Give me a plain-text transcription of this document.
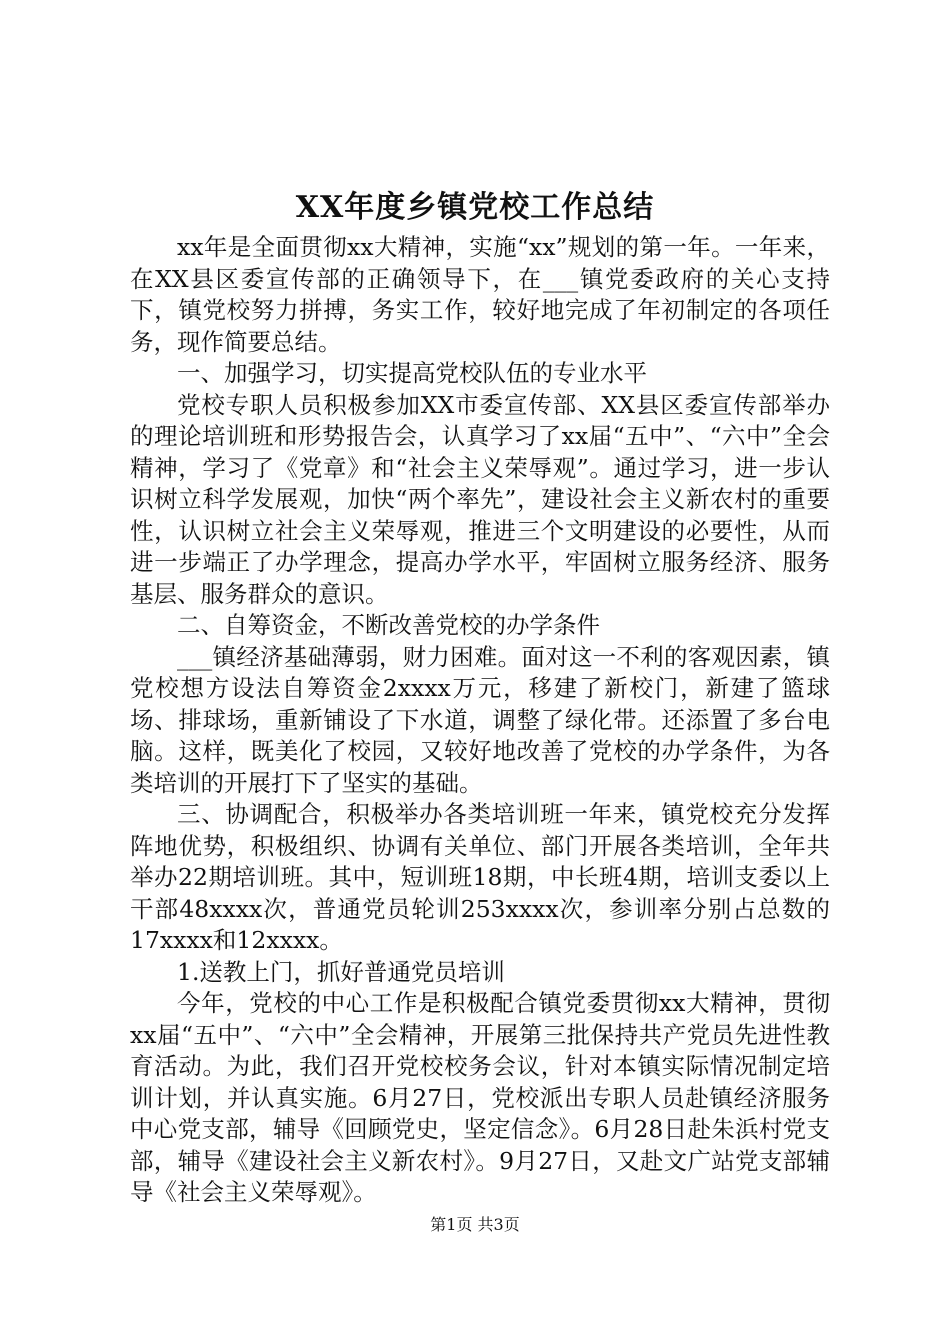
XX年度乡镇党校工作总结

xx年是全面贯彻xx大精神，实施“xx”规划的第一年。一年来，在XX县区委宣传部的正确领导下，在___镇党委政府的关心支持下，镇党校努力拼搏，务实工作，较好地完成了年初制定的各项任务，现作简要总结。

一、加强学习，切实提高党校队伍的专业水平

党校专职人员积极参加XX市委宣传部、XX县区委宣传部举办的理论培训班和形势报告会，认真学习了xx届“五中”、“六中”全会精神，学习了《党章》和“社会主义荣辱观”。通过学习，进一步认识树立科学发展观，加快“两个率先”，建设社会主义新农村的重要性，认识树立社会主义荣辱观，推进三个文明建设的必要性，从而进一步端正了办学理念，提高办学水平，牢固树立服务经济、服务基层、服务群众的意识。

二、自筹资金，不断改善党校的办学条件

___镇经济基础薄弱，财力困难。面对这一不利的客观因素，镇党校想方设法自筹资金2xxxx万元，移建了新校门，新建了篮球场、排球场，重新铺设了下水道，调整了绿化带。还添置了多台电脑。这样，既美化了校园，又较好地改善了党校的办学条件，为各类培训的开展打下了坚实的基础。

三、协调配合，积极举办各类培训班一年来，镇党校充分发挥阵地优势，积极组织、协调有关单位、部门开展各类培训，全年共举办22期培训班。其中，短训班18期，中长班4期，培训支委以上干部48xxxx次，普通党员轮训253xxxx次，参训率分别占总数的17xxxx和12xxxx。

1.送教上门，抓好普通党员培训

今年，党校的中心工作是积极配合镇党委贯彻xx大精神，贯彻xx届“五中”、“六中”全会精神，开展第三批保持共产党员先进性教育活动。为此，我们召开党校校务会议，针对本镇实际情况制定培训计划，并认真实施。6月27日，党校派出专职人员赴镇经济服务中心党支部，辅导《回顾党史，坚定信念》。6月28日赴朱浜村党支部，辅导《建设社会主义新农村》。9月27日，又赴文广站党支部辅导《社会主义荣辱观》。

第1页 共3页
